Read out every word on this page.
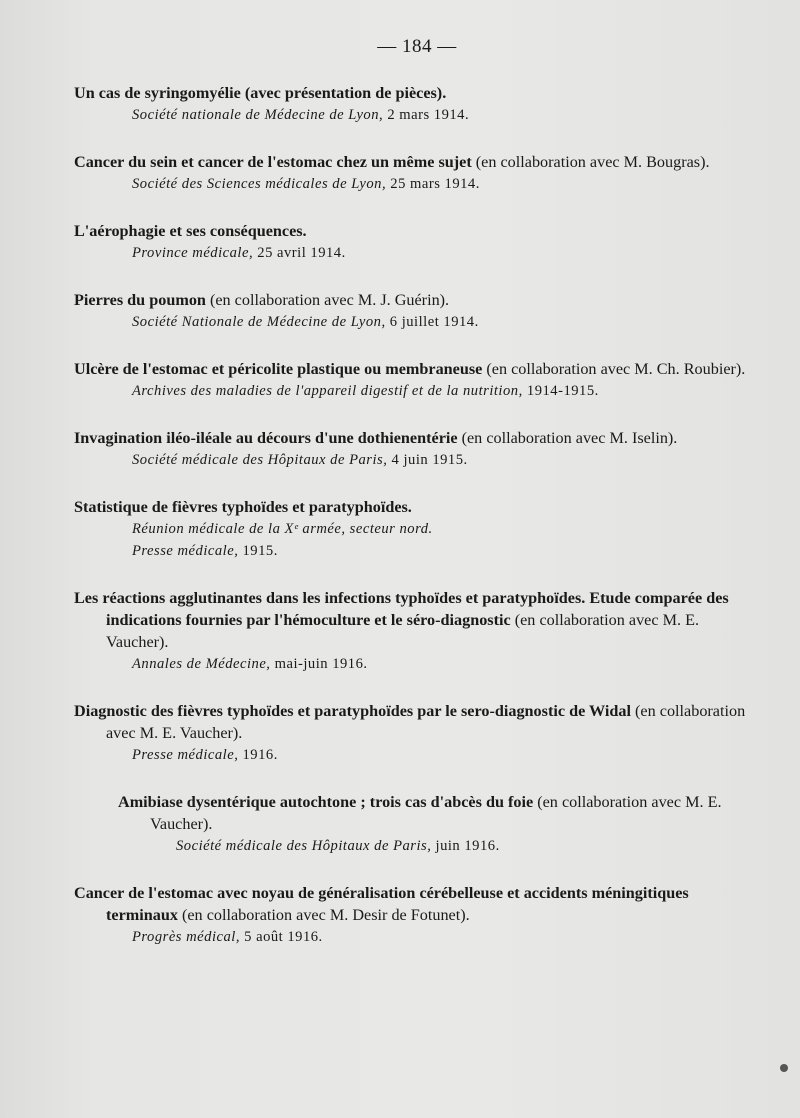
— 184 —

Un cas de syringomyélie (avec présentation de pièces).

Société nationale de Médecine de Lyon, 2 mars 1914.

Cancer du sein et cancer de l'estomac chez un même sujet (en collaboration avec M. Bougras).

Société des Sciences médicales de Lyon, 25 mars 1914.

L'aérophagie et ses conséquences.

Province médicale, 25 avril 1914.

Pierres du poumon (en collaboration avec M. J. Guérin).

Société Nationale de Médecine de Lyon, 6 juillet 1914.

Ulcère de l'estomac et péricolite plastique ou membraneuse (en collaboration avec M. Ch. Roubier).

Archives des maladies de l'appareil digestif et de la nutrition, 1914-1915.

Invagination iléo-iléale au décours d'une dothienentérie (en collaboration avec M. Iselin).

Société médicale des Hôpitaux de Paris, 4 juin 1915.

Statistique de fièvres typhoïdes et paratyphoïdes.

Réunion médicale de la Xᵉ armée, secteur nord.

Presse médicale, 1915.

Les réactions agglutinantes dans les infections typhoïdes et paratyphoïdes. Etude comparée des indications fournies par l'hémoculture et le séro-diagnostic (en collaboration avec M. E. Vaucher).

Annales de Médecine, mai-juin 1916.

Diagnostic des fièvres typhoïdes et paratyphoïdes par le sero-diagnostic de Widal (en collaboration avec M. E. Vaucher).

Presse médicale, 1916.

Amibiase dysentérique autochtone ; trois cas d'abcès du foie (en collaboration avec M. E. Vaucher).

Société médicale des Hôpitaux de Paris, juin 1916.

Cancer de l'estomac avec noyau de généralisation cérébelleuse et accidents méningitiques terminaux (en collaboration avec M. Desir de Fotunet).

Progrès médical, 5 août 1916.
